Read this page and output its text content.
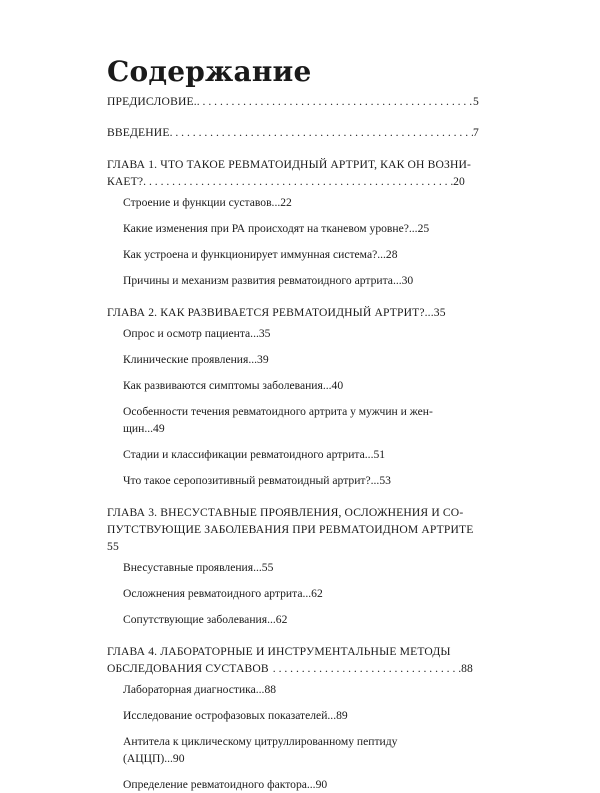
Содержание
ПРЕДИСЛОВИЕ. . . .	5
ВВЕДЕНИЕ . . .	7
ГЛАВА 1. ЧТО ТАКОЕ РЕВМАТОИДНЫЙ АРТРИТ, КАК ОН ВОЗНИ-
КАЕТ? . . .	20
Строение и функции суставов...22
Какие изменения при РА происходят на тканевом уровне?...25
Как устроена и функционирует иммунная система?...28
Причины и механизм развития ревматоидного артрита...30
ГЛАВА 2. КАК РАЗВИВАЕТСЯ РЕВМАТОИДНЫЙ АРТРИТ?...35
Опрос и осмотр пациента...35
Клинические проявления...39
Как развиваются симптомы заболевания...40
Особенности течения ревматоидного артрита у мужчин и жен-
щин...49
Стадии и классификации ревматоидного артрита...51
Что такое серопозитивный ревматоидный артрит?...53
ГЛАВА 3. ВНЕСУСТАВНЫЕ ПРОЯВЛЕНИЯ, ОСЛОЖНЕНИЯ И СО-
ПУТСТВУЮЩИЕ ЗАБОЛЕВАНИЯ ПРИ РЕВМАТОИДНОМ АРТРИТЕ
55
Внесуставные проявления...55
Осложнения ревматоидного артрита...62
Сопутствующие заболевания...62
ГЛАВА 4. ЛАБОРАТОРНЫЕ И ИНСТРУМЕНТАЛЬНЫЕ МЕТОДЫ
ОБСЛЕДОВАНИЯ СУСТАВОВ . . .	88
Лабораторная диагностика...88
Исследование острофазовых показателей...89
Антитела к циклическому цитруллированному пептиду
(АЦЦП)...90
Определение ревматоидного фактора...90
